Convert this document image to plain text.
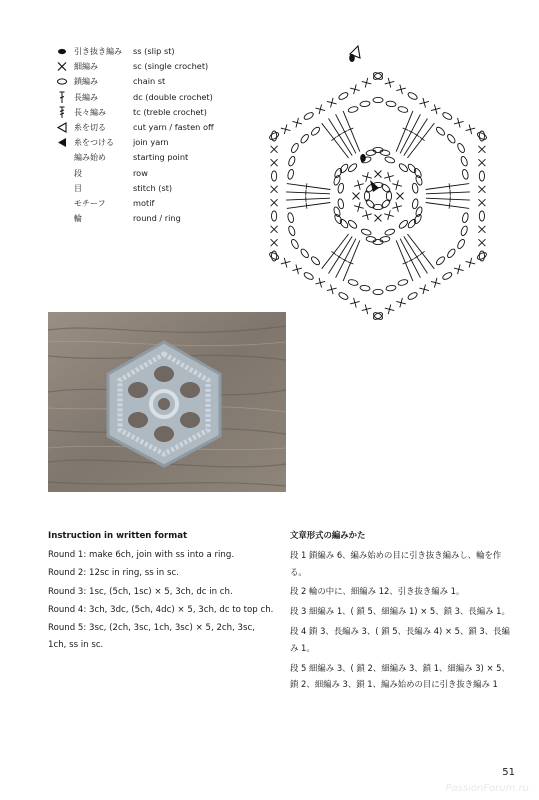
引き抜き編み ss (slip st)
細編み	sc (single crochet)
鎖編み	chain st
長編み	dc (double crochet)
長々編み	tc (treble crochet)
糸を切る	cut yarn / fasten off
糸をつける join yarn
編み始め	starting point
段	row
目	stitch (st)
モチーフ	motif
輪	round / ring
Instruction in written format
Round 1: make 6ch, join with ss into a ring.
Round 2: 12sc in ring, ss in sc.
Round 3: 1sc, (5ch, 1sc) × 5, 3ch, dc in ch.
Round 4: 3ch, 3dc, (5ch, 4dc) × 5, 3ch, dc to top ch.
Round 5: 3sc, (2ch, 3sc, 1ch, 3sc) × 5, 2ch, 3sc, 1ch, ss in sc.
文章形式の編みかた
段 1 鎖編み 6、編み始めの目に引き抜き編みし、輪を作る。
段 2 輪の中に、細編み 12、引き抜き編み 1。
段 3 細編み 1、( 鎖 5、細編み 1) × 5、鎖 3、長編み 1。
段 4 鎖 3、長編み 3、( 鎖 5、長編み 4) × 5、鎖 3、長編み 1。
段 5 細編み 3、( 鎖 2、細編み 3、鎖 1、細編み 3) × 5、鎖 2、細編み 3、鎖 1、編み始めの目に引き抜き編み 1
51
PassionForum.ru
